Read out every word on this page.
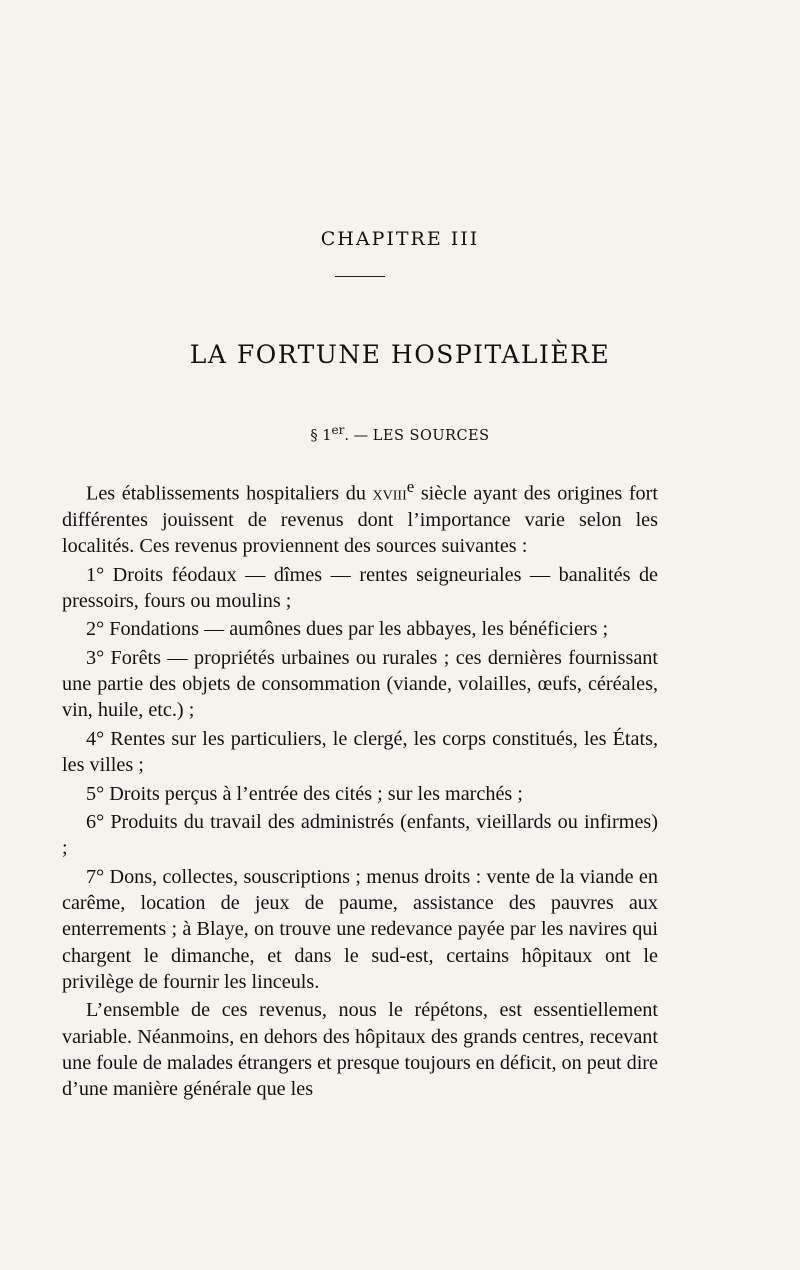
CHAPITRE III
LA FORTUNE HOSPITALIÈRE
§ 1er. — LES SOURCES

Les établissements hospitaliers du xviii$^e$ siècle ayant des origines fort différentes jouissent de revenus dont l’importance varie selon les localités. Ces revenus proviennent des sources suivantes :

1° Droits féodaux — dîmes — rentes seigneuriales — banalités de pressoirs, fours ou moulins ;

2° Fondations — aumônes dues par les abbayes, les bénéficiers ;

3° Forêts — propriétés urbaines ou rurales ; ces dernières fournissant une partie des objets de consommation (viande, volailles, œufs, céréales, vin, huile, etc.) ;

4° Rentes sur les particuliers, le clergé, les corps constitués, les États, les villes ;

5° Droits perçus à l’entrée des cités ; sur les marchés ;

6° Produits du travail des administrés (enfants, vieillards ou infirmes) ;

7° Dons, collectes, souscriptions ; menus droits : vente de la viande en carême, location de jeux de paume, assistance des pauvres aux enterrements ; à Blaye, on trouve une redevance payée par les navires qui chargent le dimanche, et dans le sud-est, certains hôpitaux ont le privilège de fournir les linceuls.

L’ensemble de ces revenus, nous le répétons, est essentiellement variable. Néanmoins, en dehors des hôpitaux des grands centres, recevant une foule de malades étrangers et presque toujours en déficit, on peut dire d’une manière générale que les
